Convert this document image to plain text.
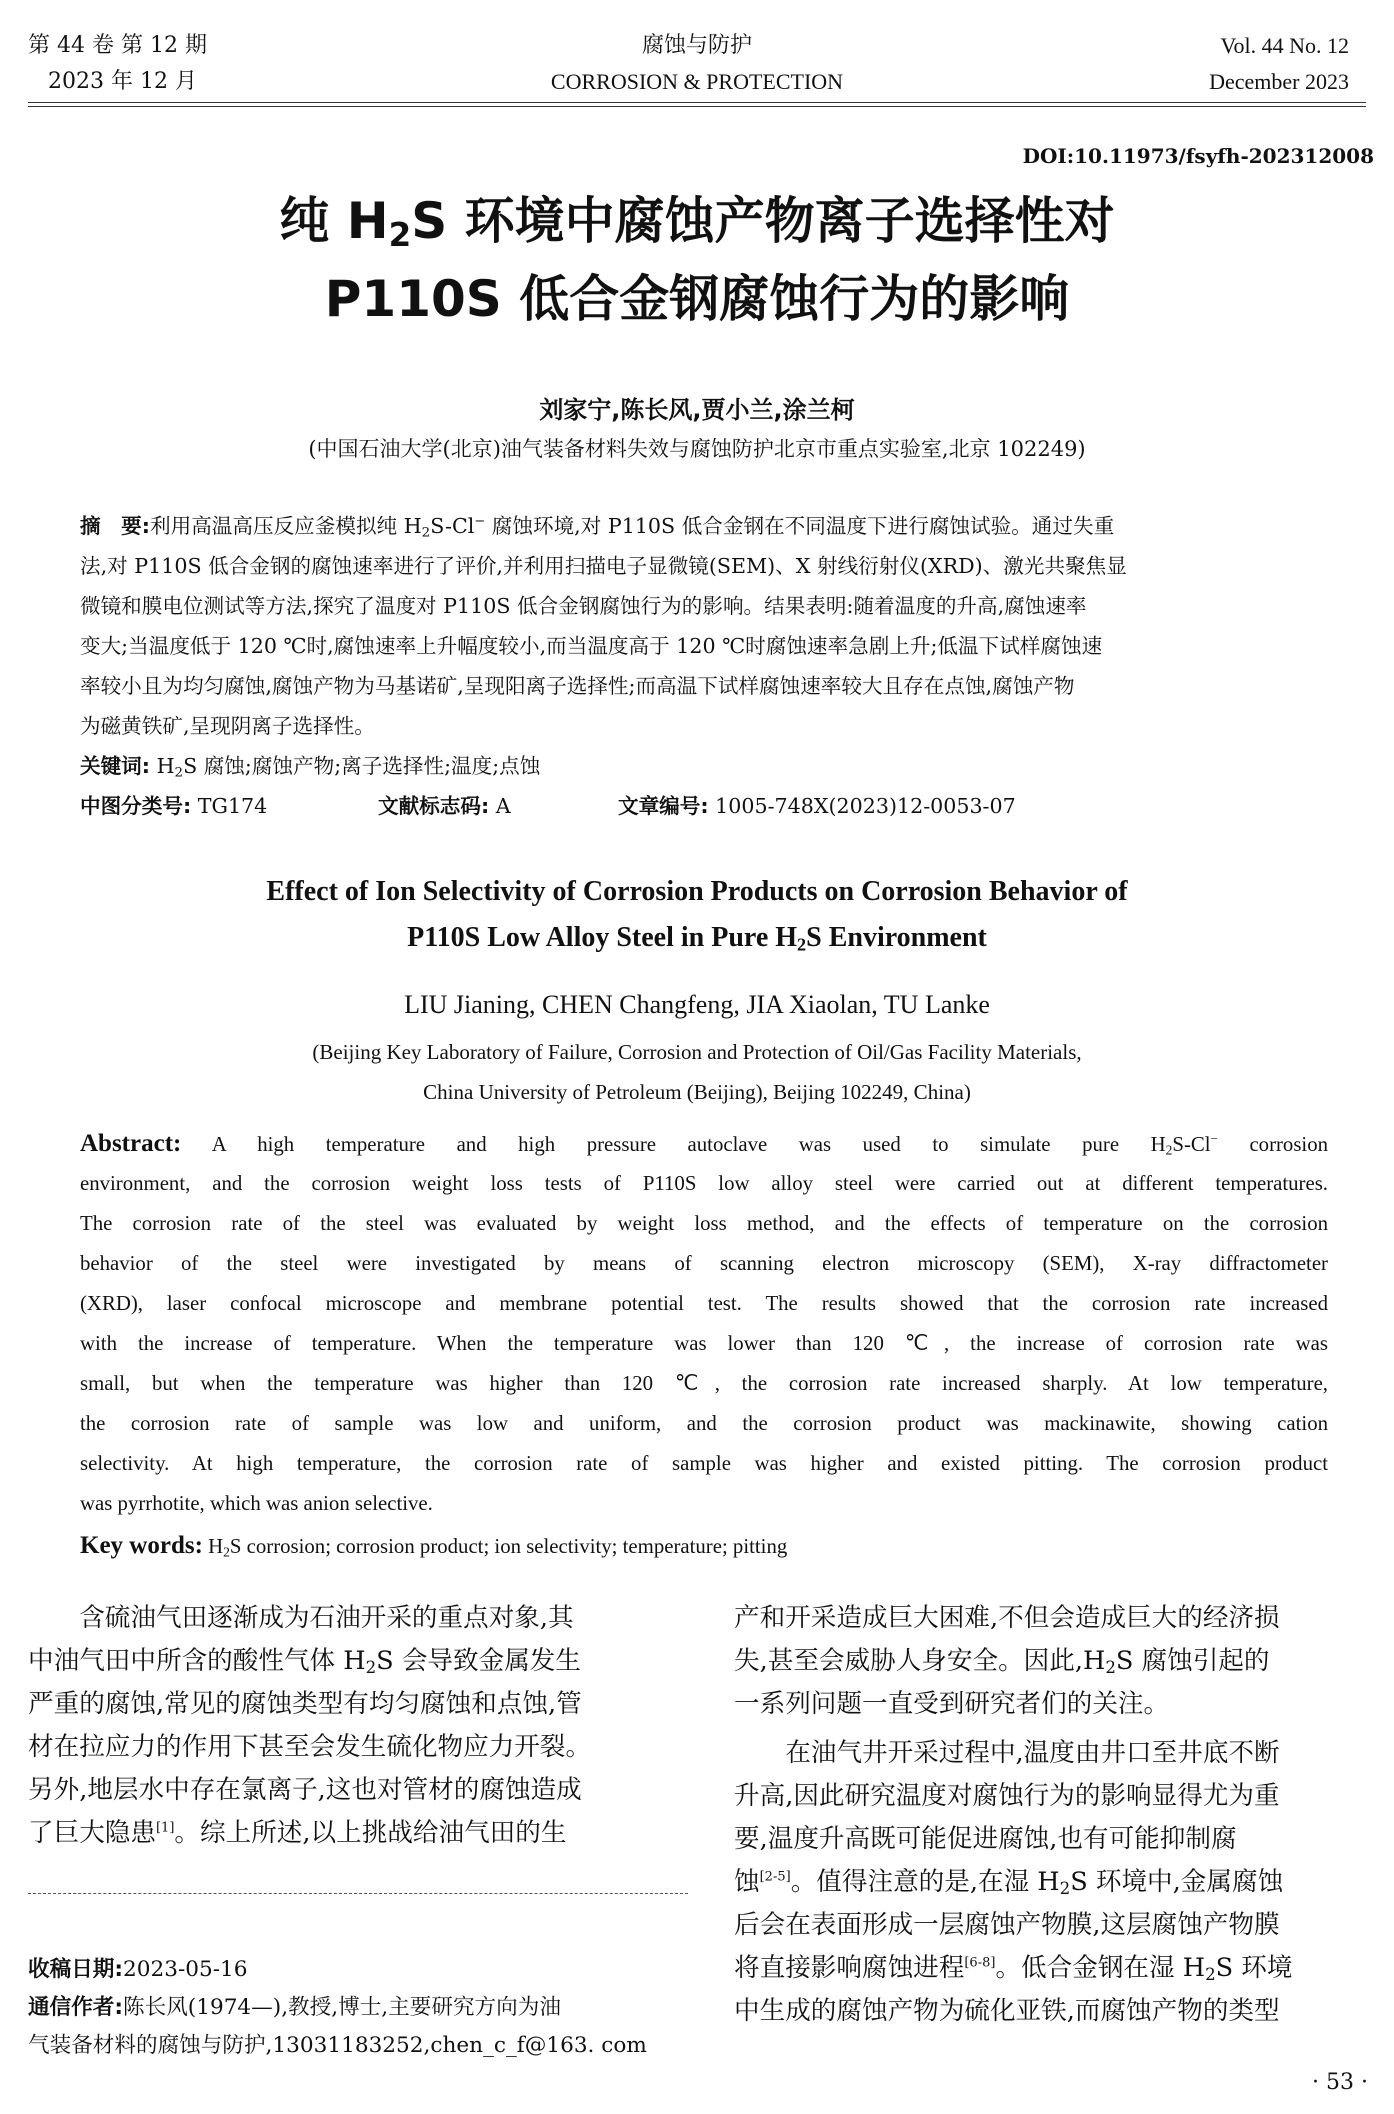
第 44 卷 第 12 期
2023 年 12 月
腐蚀与防护
CORROSION & PROTECTION
Vol. 44 No. 12
December 2023
DOI:10.11973/fsyfh-202312008
纯 $H_2S$ 环境中腐蚀产物离子选择性对
P110S 低合金钢腐蚀行为的影响
刘家宁,陈长风,贾小兰,涂兰柯
(中国石油大学(北京)油气装备材料失效与腐蚀防护北京市重点实验室,北京 102249)
摘　要:利用高温高压反应釜模拟纯 $H_2S-Cl^-$ 腐蚀环境,对 P110S 低合金钢在不同温度下进行腐蚀试验。通过失重
法,对 P110S 低合金钢的腐蚀速率进行了评价,并利用扫描电子显微镜(SEM)、X 射线衍射仪(XRD)、激光共聚焦显
微镜和膜电位测试等方法,探究了温度对 P110S 低合金钢腐蚀行为的影响。结果表明:随着温度的升高,腐蚀速率
变大;当温度低于 120 ℃时,腐蚀速率上升幅度较小,而当温度高于 120 ℃时腐蚀速率急剧上升;低温下试样腐蚀速
率较小且为均匀腐蚀,腐蚀产物为马基诺矿,呈现阳离子选择性;而高温下试样腐蚀速率较大且存在点蚀,腐蚀产物
为磁黄铁矿,呈现阴离子选择性。
关键词: $H_2S$ 腐蚀;腐蚀产物;离子选择性;温度;点蚀
中图分类号: TG174	文献标志码: A	文章编号: 1005-748X(2023)12-0053-07
Effect of Ion Selectivity of Corrosion Products on Corrosion Behavior of
P110S Low Alloy Steel in Pure $H_2S$ Environment
LIU Jianing, CHEN Changfeng, JIA Xiaolan, TU Lanke
(Beijing Key Laboratory of Failure, Corrosion and Protection of Oil/Gas Facility Materials,
China University of Petroleum (Beijing), Beijing 102249, China)
Abstract: A high temperature and high pressure autoclave was used to simulate pure $H_2S-Cl^-$ corrosion
environment, and the corrosion weight loss tests of P110S low alloy steel were carried out at different temperatures.
The corrosion rate of the steel was evaluated by weight loss method, and the effects of temperature on the corrosion
behavior of the steel were investigated by means of scanning electron microscopy (SEM), X-ray diffractometer
(XRD), laser confocal microscope and membrane potential test. The results showed that the corrosion rate increased
with the increase of temperature. When the temperature was lower than 120 ℃, the increase of corrosion rate was
small, but when the temperature was higher than 120 ℃, the corrosion rate increased sharply. At low temperature,
the corrosion rate of sample was low and uniform, and the corrosion product was mackinawite, showing cation
selectivity. At high temperature, the corrosion rate of sample was higher and existed pitting. The corrosion product
was pyrrhotite, which was anion selective.
Key words: $H_2S$ corrosion; corrosion product; ion selectivity; temperature; pitting
　　含硫油气田逐渐成为石油开采的重点对象,其
中油气田中所含的酸性气体 $H_2S$ 会导致金属发生
严重的腐蚀,常见的腐蚀类型有均匀腐蚀和点蚀,管
材在拉应力的作用下甚至会发生硫化物应力开裂。
另外,地层水中存在氯离子,这也对管材的腐蚀造成
了巨大隐患[1]。综上所述,以上挑战给油气田的生
收稿日期:2023-05-16
通信作者:陈长风(1974—),教授,博士,主要研究方向为油
气装备材料的腐蚀与防护,13031183252,chen_c_f@163. com
产和开采造成巨大困难,不但会造成巨大的经济损
失,甚至会威胁人身安全。因此$,H_2S$ 腐蚀引起的
一系列问题一直受到研究者们的关注。
　　在油气井开采过程中,温度由井口至井底不断
升高,因此研究温度对腐蚀行为的影响显得尤为重
要,温度升高既可能促进腐蚀,也有可能抑制腐
蚀[2-5]。值得注意的是,在湿 $H_2S$ 环境中,金属腐蚀
后会在表面形成一层腐蚀产物膜,这层腐蚀产物膜
将直接影响腐蚀进程[6-8]。低合金钢在湿 $H_2S$ 环境
中生成的腐蚀产物为硫化亚铁,而腐蚀产物的类型
· 53 ·
